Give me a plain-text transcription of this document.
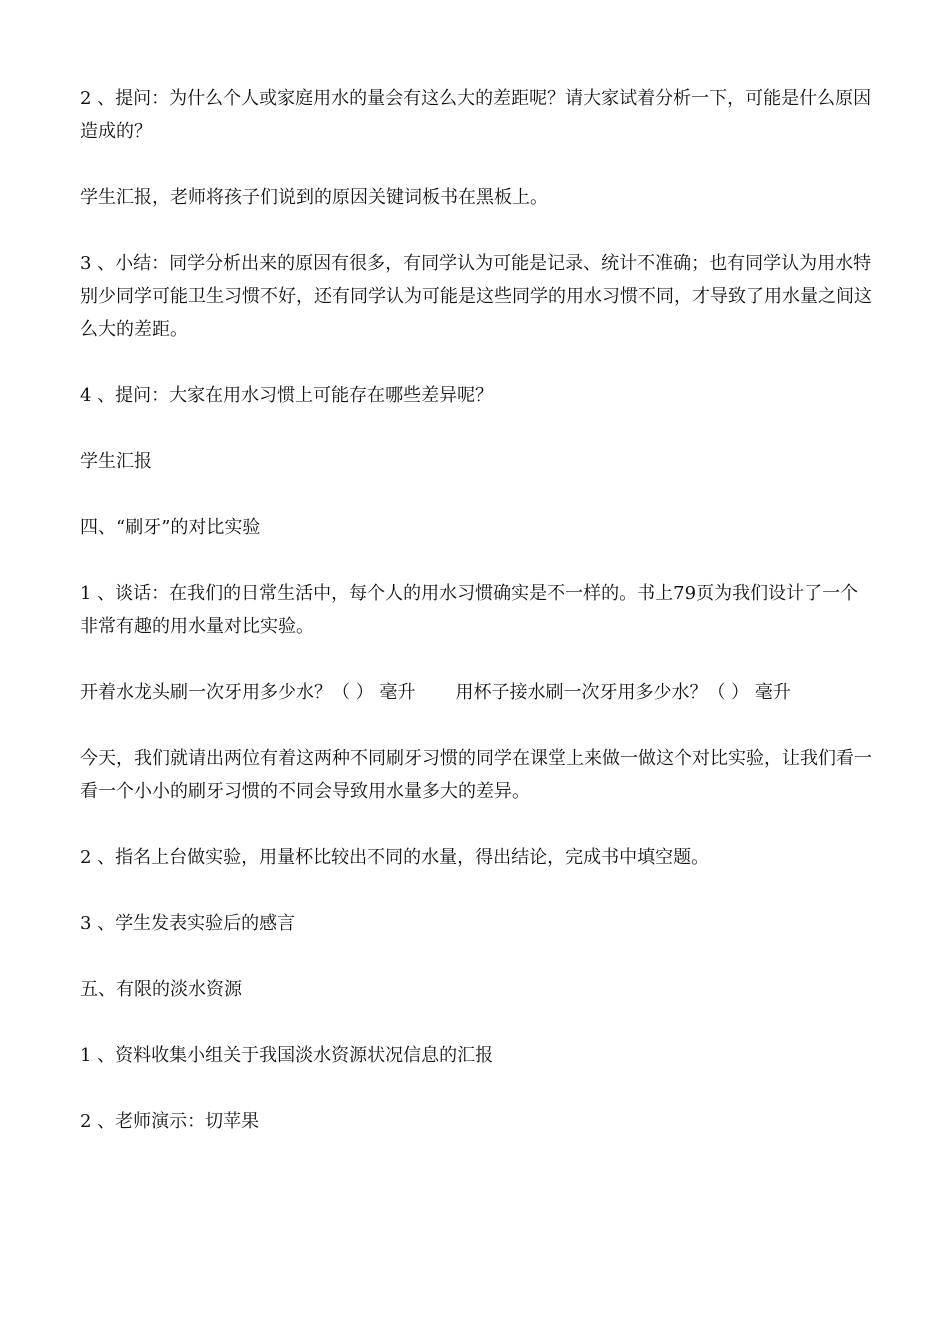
2 、提问：为什么个人或家庭用水的量会有这么大的差距呢？请大家试着分析一下，可能是什么原因造成的？

学生汇报，老师将孩子们说到的原因关键词板书在黑板上。

3 、小结：同学分析出来的原因有很多，有同学认为可能是记录、统计不准确；也有同学认为用水特别少同学可能卫生习惯不好，还有同学认为可能是这些同学的用水习惯不同，才导致了用水量之间这么大的差距。

4 、提问：大家在用水习惯上可能存在哪些差异呢？

学生汇报

四、“刷牙”的对比实验

1 、谈话：在我们的日常生活中，每个人的用水习惯确实是不一样的。书上79页为我们设计了一个非常有趣的用水量对比实验。

开着水龙头刷一次牙用多少水？（ ） 毫升 用杯子接水刷一次牙用多少水？（ ） 毫升

今天，我们就请出两位有着这两种不同刷牙习惯的同学在课堂上来做一做这个对比实验，让我们看一看一个小小的刷牙习惯的不同会导致用水量多大的差异。

2 、指名上台做实验，用量杯比较出不同的水量，得出结论，完成书中填空题。

3 、学生发表实验后的感言

五、有限的淡水资源

1 、资料收集小组关于我国淡水资源状况信息的汇报

2 、老师演示：切苹果
